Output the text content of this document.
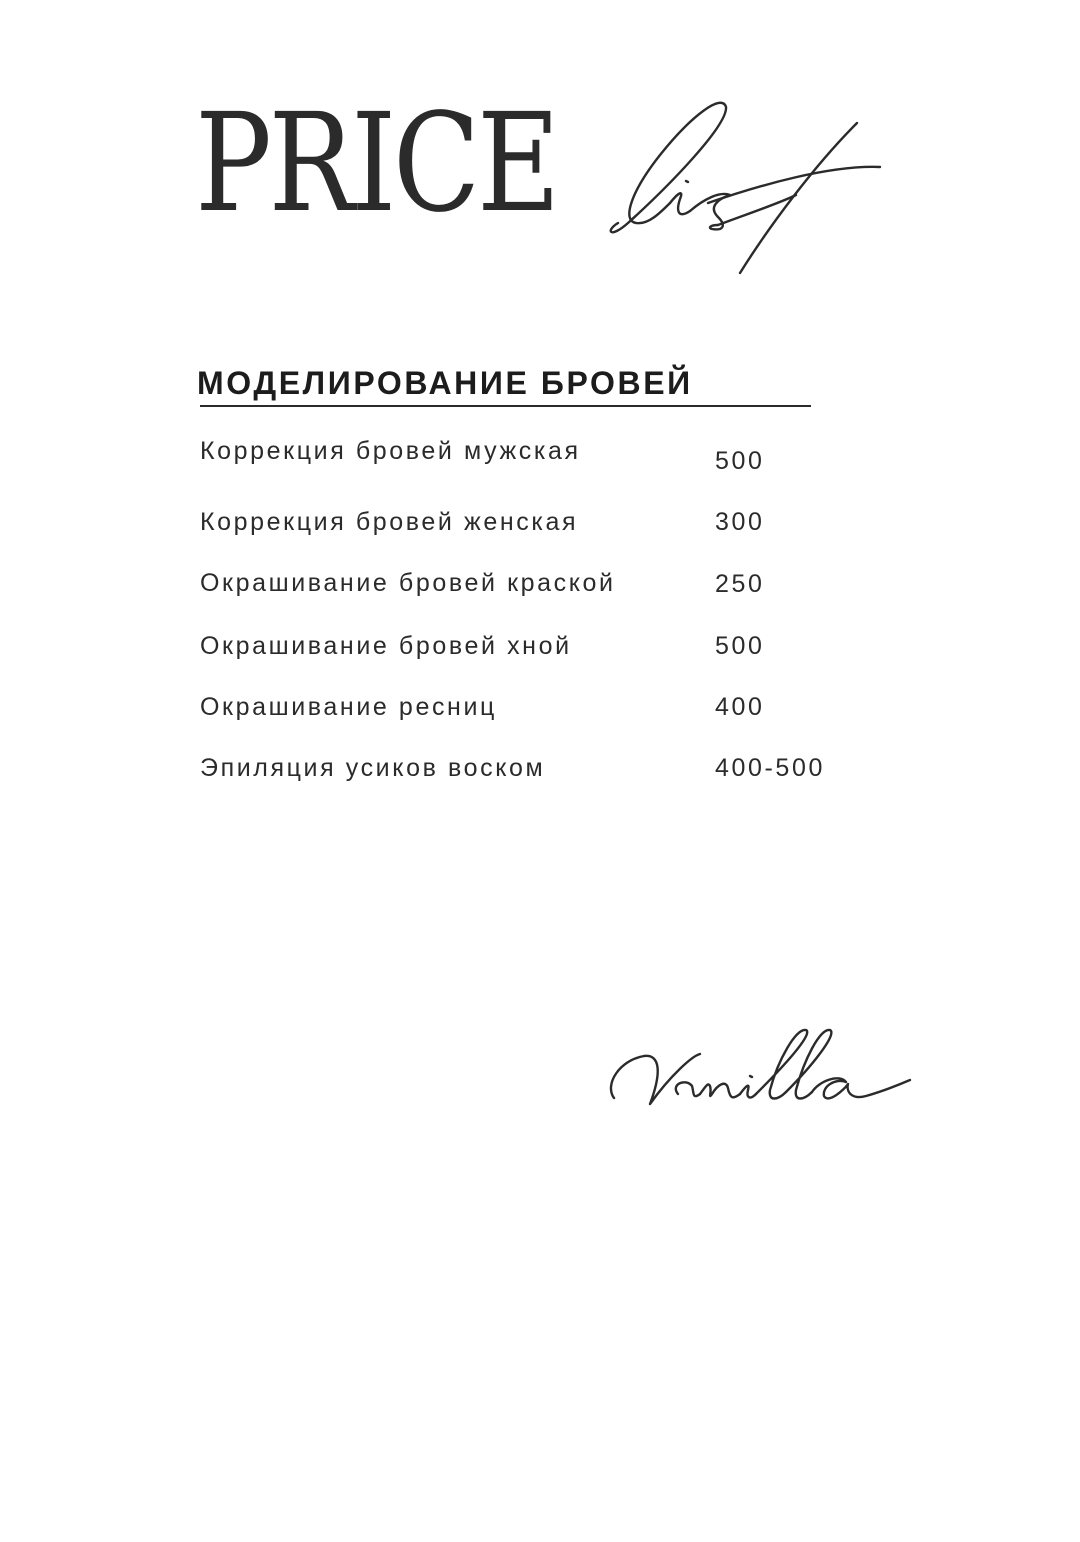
PRICE
МОДЕЛИРОВАНИЕ БРОВЕЙ
Коррекция бровей мужская	500
Коррекция бровей женская	300
Окрашивание бровей краской	250
Окрашивание бровей хной	500
Окрашивание ресниц	400
Эпиляция усиков воском	400-500
